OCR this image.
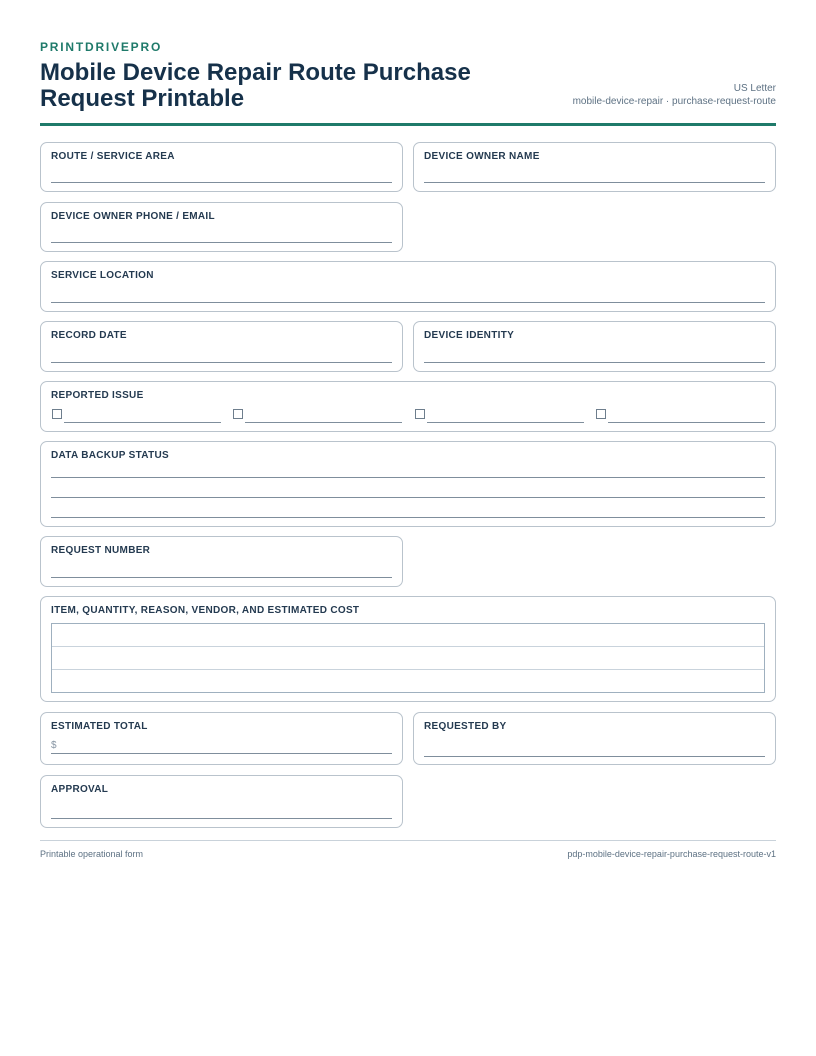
PRINTDRIVEPRO

Mobile Device Repair Route Purchase Request Printable	US Letter
mobile-device-repair · purchase-request-route
ROUTE / SERVICE AREA	DEVICE OWNER NAME
DEVICE OWNER PHONE / EMAIL
SERVICE LOCATION
RECORD DATE	DEVICE IDENTITY
REPORTED ISSUE
DATA BACKUP STATUS
REQUEST NUMBER
ITEM, QUANTITY, REASON, VENDOR, AND ESTIMATED COST
ESTIMATED TOTAL
$
REQUESTED BY
APPROVAL
Printable operational form	pdp-mobile-device-repair-purchase-request-route-v1
